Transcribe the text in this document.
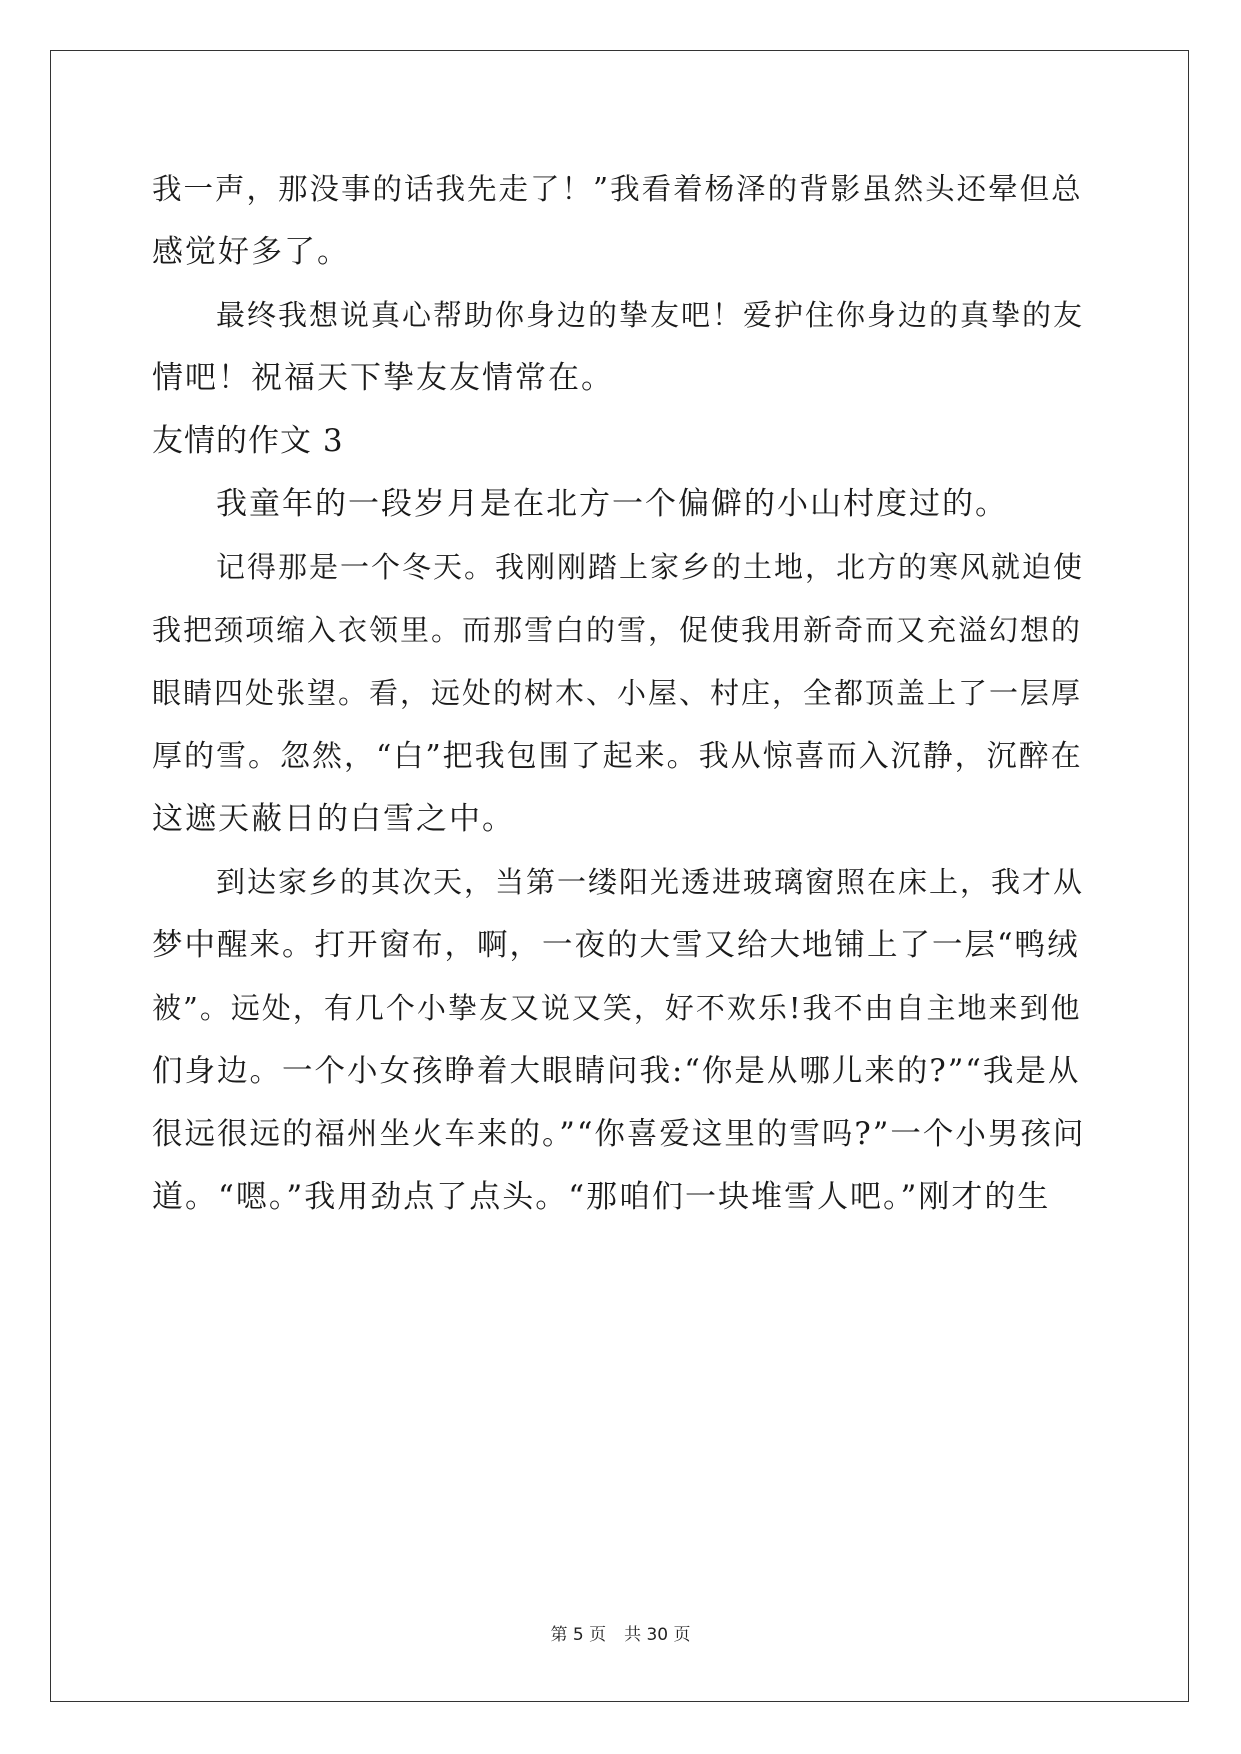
我一声，那没事的话我先走了！”我看着杨泽的背影虽然头还晕但总
感觉好多了。
最终我想说真心帮助你身边的挚友吧！爱护住你身边的真挚的友
情吧！祝福天下挚友友情常在。
友情的作文 3
我童年的一段岁月是在北方一个偏僻的小山村度过的。
记得那是一个冬天。我刚刚踏上家乡的土地，北方的寒风就迫使
我把颈项缩入衣领里。而那雪白的雪，促使我用新奇而又充溢幻想的
眼睛四处张望。看，远处的树木、小屋、村庄，全都顶盖上了一层厚
厚的雪。忽然，“白”把我包围了起来。我从惊喜而入沉静，沉醉在
这遮天蔽日的白雪之中。
到达家乡的其次天，当第一缕阳光透进玻璃窗照在床上，我才从
梦中醒来。打开窗布，啊，一夜的大雪又给大地铺上了一层“鸭绒
被”。远处，有几个小挚友又说又笑，好不欢乐!我不由自主地来到他
们身边。一个小女孩睁着大眼睛问我:“你是从哪儿来的?”“我是从
很远很远的福州坐火车来的。”“你喜爱这里的雪吗?”一个小男孩问
道。“嗯。”我用劲点了点头。“那咱们一块堆雪人吧。”刚才的生
第 5 页 共 30 页
